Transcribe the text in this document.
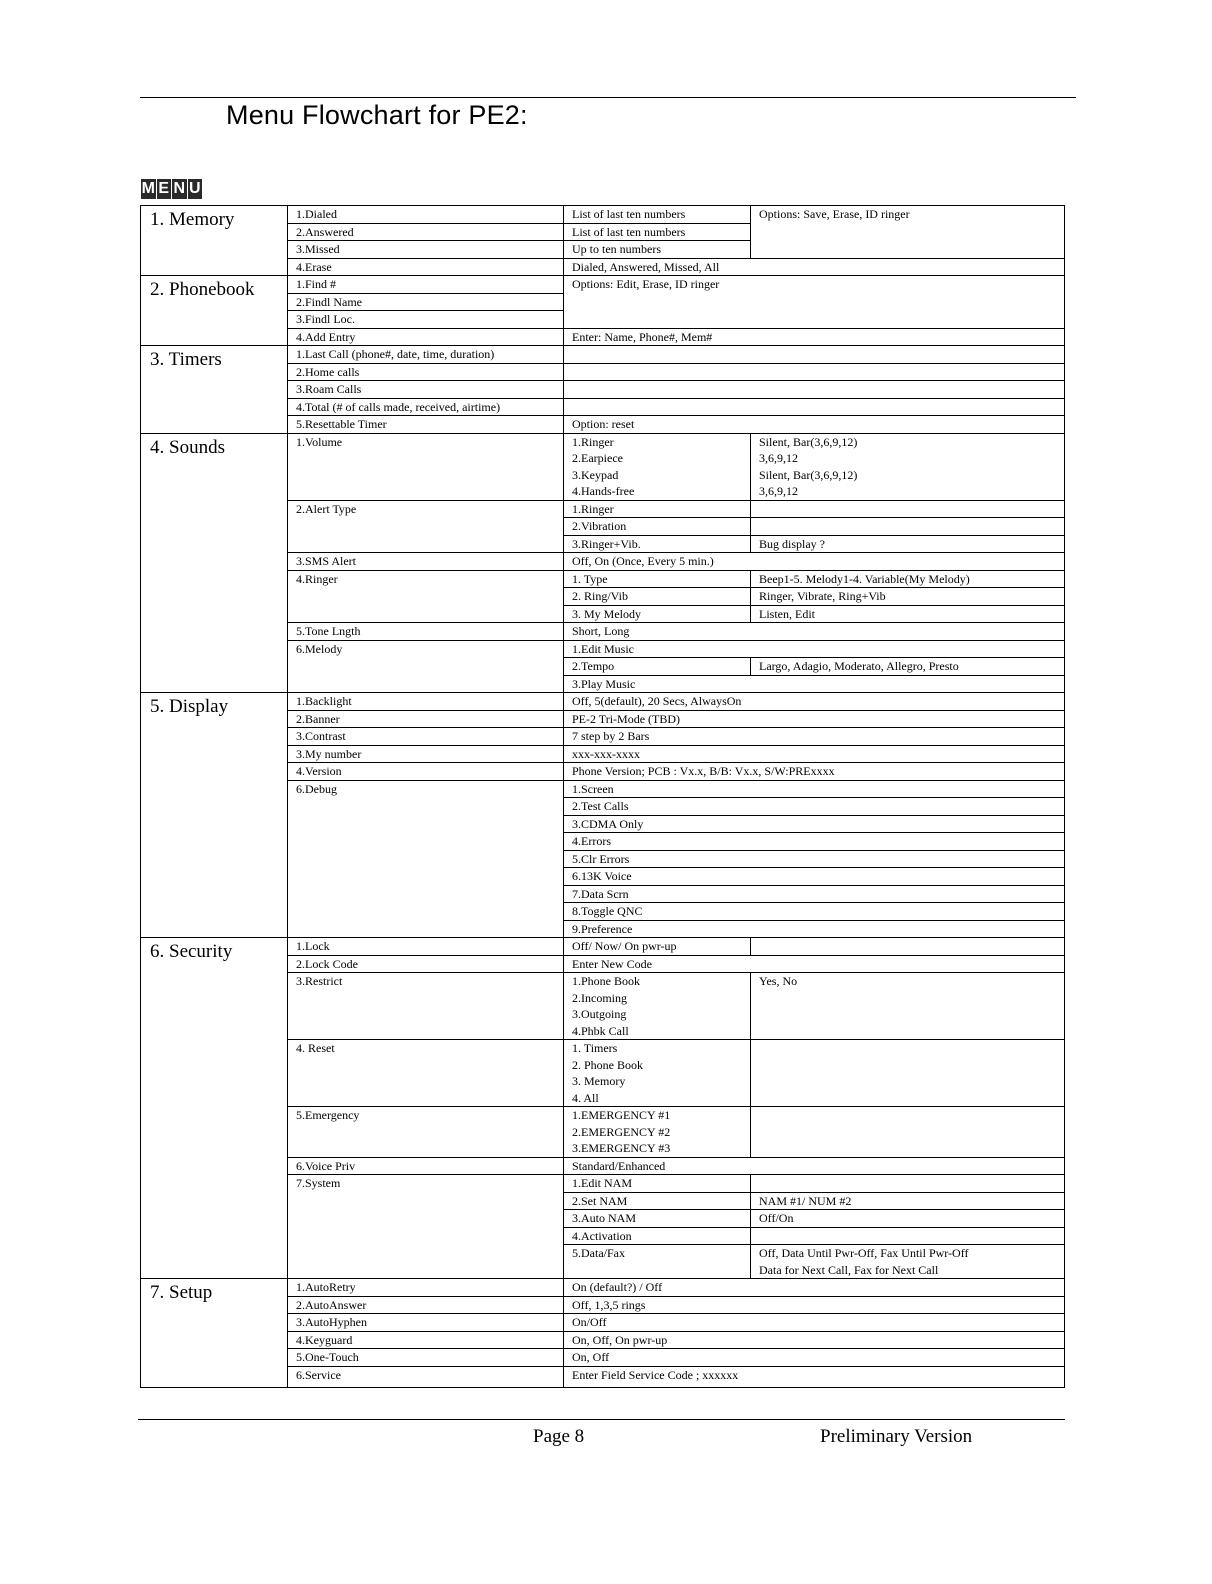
Menu Flowchart for PE2:
M E N U
1. Memory	1.Dialed	List of last ten numbers	Options: Save, Erase, ID ringer
	2.Answered	List of last ten numbers	
	3.Missed	Up to ten numbers	
	4.Erase	Dialed, Answered, Missed, All	
2. Phonebook	1.Find #	Options: Edit, Erase, ID ringer	
	2.Findl Name		
	3.Findl Loc.		
	4.Add Entry	Enter: Name, Phone#, Mem#	
3. Timers	1.Last Call (phone#, date, time, duration)		
	2.Home calls		
	3.Roam Calls		
	4.Total (# of calls made, received, airtime)		
	5.Resettable Timer	Option: reset	
4. Sounds	1.Volume	1.Ringer	Silent, Bar(3,6,9,12)
		2.Earpiece	3,6,9,12
		3.Keypad	Silent, Bar(3,6,9,12)
		4.Hands-free	3,6,9,12
	2.Alert Type	1.Ringer	
		2.Vibration	
		3.Ringer+Vib.	Bug display ?
	3.SMS Alert	Off, On (Once, Every 5 min.)	
	4.Ringer	1. Type	Beep1-5. Melody1-4. Variable(My Melody)
		2. Ring/Vib	Ringer, Vibrate, Ring+Vib
		3. My Melody	Listen, Edit
	5.Tone Lngth	Short, Long	
	6.Melody	1.Edit Music	
		2.Tempo	Largo, Adagio, Moderato, Allegro, Presto
		3.Play Music	

5. Display	1.Backlight	Off, 5(default), 20 Secs, AlwaysOn	
	2.Banner	PE-2 Tri-Mode (TBD)	
	3.Contrast	7 step by 2 Bars	
	3.My number	xxx-xxx-xxxx	
	4.Version	Phone Version; PCB : Vx.x, B/B: Vx.x, S/W:PRExxxx	
	6.Debug	1.Screen	
		2.Test Calls	
		3.CDMA Only	
		4.Errors	
		5.Clr Errors	
		6.13K Voice	
		7.Data Scrn	
		8.Toggle QNC	
		9.Preference	
6. Security	1.Lock	Off/ Now/ On pwr-up	
	2.Lock Code	Enter New Code	
	3.Restrict	1.Phone Book	Yes, No
		2.Incoming	
		3.Outgoing	
		4.Phbk Call	
	4. Reset	1. Timers	
		2. Phone Book	
		3. Memory	
		4. All	
	5.Emergency	1.EMERGENCY #1	
		2.EMERGENCY #2	
		3.EMERGENCY #3	
	6.Voice Priv	Standard/Enhanced	
	7.System	1.Edit NAM	
		2.Set NAM	NAM #1/ NUM #2
		3.Auto NAM	Off/On
		4.Activation	
		5.Data/Fax	Off, Data Until Pwr-Off, Fax Until Pwr-Off
			Data for Next Call, Fax for Next Call

7. Setup	1.AutoRetry	On (default?) / Off	
	2.AutoAnswer	Off, 1,3,5 rings	
	3.AutoHyphen	On/Off	
	4.Keyguard	On, Off, On pwr-up	
	5.One-Touch	On, Off	
	6.Service	Enter Field Service Code ; xxxxxx	
Page 8	Preliminary Version
